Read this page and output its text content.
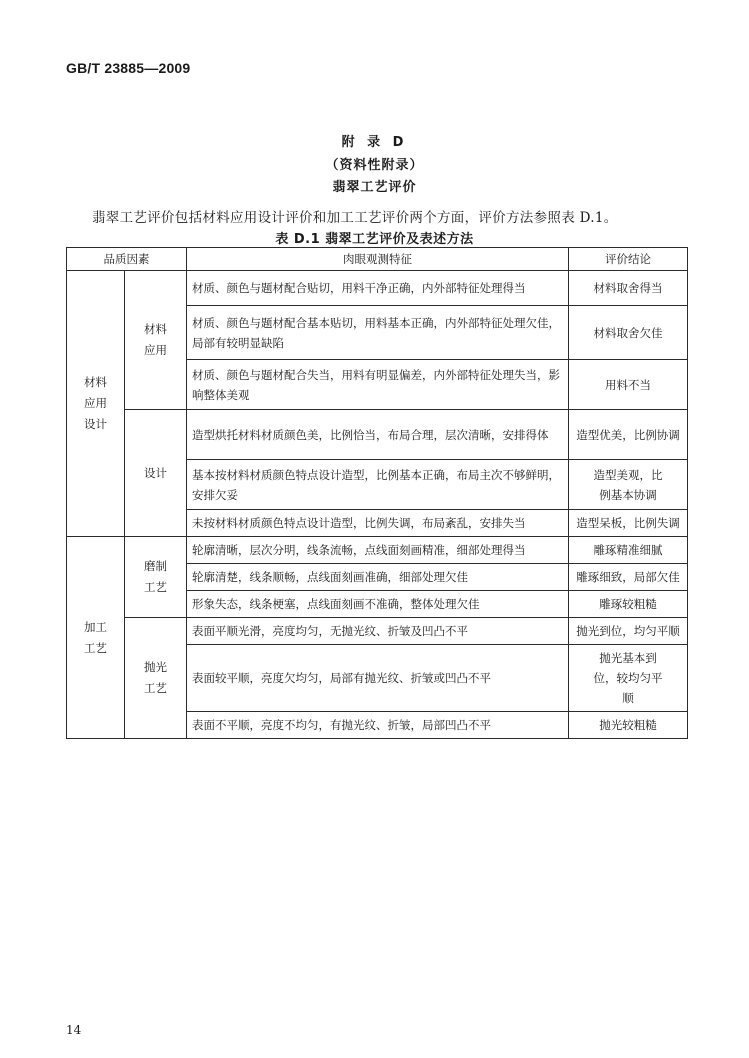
GB/T 23885—2009
附 录 D
（资料性附录）
翡翠工艺评价
翡翠工艺评价包括材料应用设计评价和加工工艺评价两个方面，评价方法参照表 D.1。
表 D.1 翡翠工艺评价及表述方法
品质因素		肉眼观测特征	评价结论

材料应用设计	材料应用	材质、颜色与题材配合贴切，用料干净正确，内外部特征处理得当	材料取舍得当
		材质、颜色与题材配合基本贴切，用料基本正确，内外部特征处理欠佳，局部有较明显缺陷	材料取舍欠佳
		材质、颜色与题材配合失当，用料有明显偏差，内外部特征处理失当，影响整体美观	用料不当

	设计	造型烘托材料材质颜色美，比例恰当，布局合理，层次清晰，安排得体	造型优美，比例协调
		基本按材料材质颜色特点设计造型，比例基本正确，布局主次不够鲜明，安排欠妥	造型美观，比例基本协调

		未按材料材质颜色特点设计造型，比例失调，布局紊乱，安排失当	造型呆板，比例失调

加工工艺	磨制工艺	轮廓清晰，层次分明，线条流畅，点线面刻画精准，细部处理得当	雕琢精准细腻
		轮廓清楚，线条顺畅，点线面刻画准确，细部处理欠佳	雕琢细致，局部欠佳
		形象失态，线条梗塞，点线面刻画不准确，整体处理欠佳	雕琢较粗糙

	抛光工艺	表面平顺光滑，亮度均匀，无抛光纹、折皱及凹凸不平	抛光到位，均匀平顺
		表面较平顺，亮度欠均匀，局部有抛光纹、折皱或凹凸不平	抛光基本到位，较均匀平顺

		表面不平顺，亮度不均匀，有抛光纹、折皱，局部凹凸不平	抛光较粗糙
14
